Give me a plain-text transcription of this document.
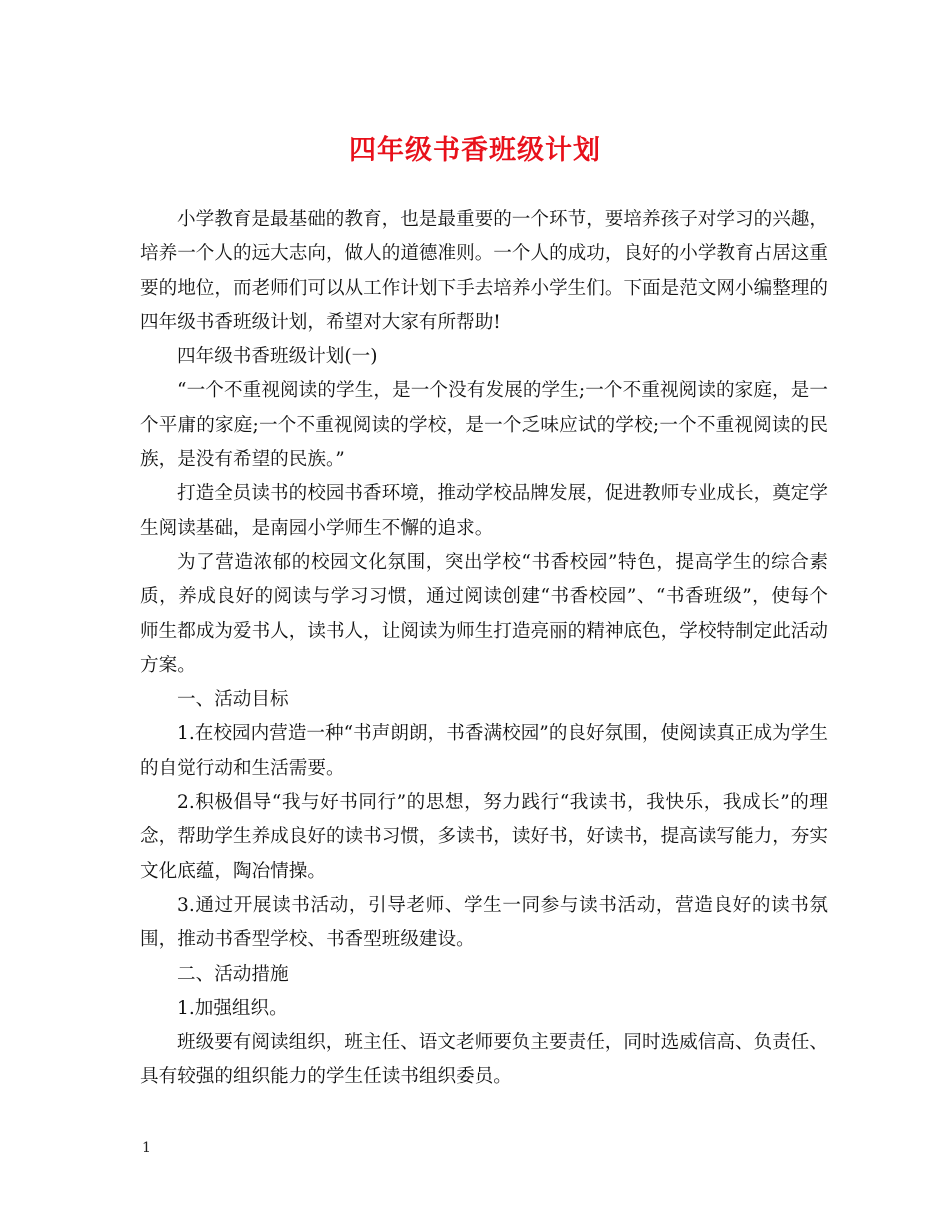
四年级书香班级计划

小学教育是最基础的教育，也是最重要的一个环节，要培养孩子对学习的兴趣，培养一个人的远大志向，做人的道德准则。一个人的成功，良好的小学教育占居这重要的地位，而老师们可以从工作计划下手去培养小学生们。下面是范文网小编整理的四年级书香班级计划，希望对大家有所帮助!

四年级书香班级计划(一)

“一个不重视阅读的学生，是一个没有发展的学生;一个不重视阅读的家庭，是一个平庸的家庭;一个不重视阅读的学校，是一个乏味应试的学校;一个不重视阅读的民族，是没有希望的民族。”

打造全员读书的校园书香环境，推动学校品牌发展，促进教师专业成长，奠定学生阅读基础，是南园小学师生不懈的追求。

为了营造浓郁的校园文化氛围，突出学校“书香校园”特色，提高学生的综合素质，养成良好的阅读与学习习惯，通过阅读创建“书香校园”、“书香班级”，使每个师生都成为爱书人，读书人，让阅读为师生打造亮丽的精神底色，学校特制定此活动方案。

一、活动目标

1.在校园内营造一种“书声朗朗，书香满校园”的良好氛围，使阅读真正成为学生的自觉行动和生活需要。

2.积极倡导“我与好书同行”的思想，努力践行“我读书，我快乐，我成长”的理念，帮助学生养成良好的读书习惯，多读书，读好书，好读书，提高读写能力，夯实文化底蕴，陶冶情操。

3.通过开展读书活动，引导老师、学生一同参与读书活动，营造良好的读书氛围，推动书香型学校、书香型班级建设。

二、活动措施

1.加强组织。

班级要有阅读组织，班主任、语文老师要负主要责任，同时选威信高、负责任、具有较强的组织能力的学生任读书组织委员。

1
